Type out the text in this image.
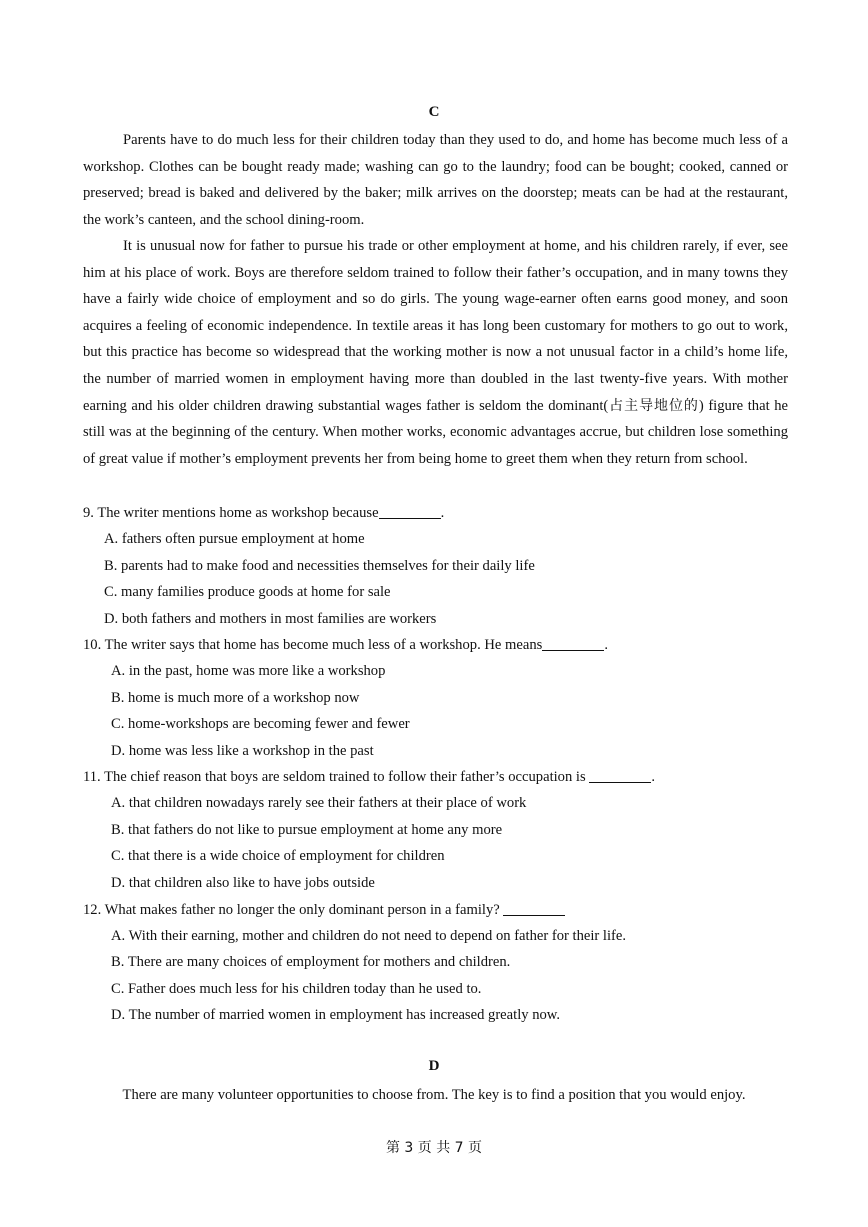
C

Parents have to do much less for their children today than they used to do, and home has become much less of a workshop. Clothes can be bought ready made; washing can go to the laundry; food can be bought; cooked, canned or preserved; bread is baked and delivered by the baker; milk arrives on the doorstep; meats can be had at the restaurant, the work’s canteen, and the school dining-room.

It is unusual now for father to pursue his trade or other employment at home, and his children rarely, if ever, see him at his place of work. Boys are therefore seldom trained to follow their father’s occupation, and in many towns they have a fairly wide choice of employment and so do girls. The young wage-earner often earns good money, and soon acquires a feeling of economic independence. In textile areas it has long been customary for mothers to go out to work, but this practice has become so widespread that the working mother is now a not unusual factor in a child’s home life, the number of married women in employment having more than doubled in the last twenty-five years. With mother earning and his older children drawing substantial wages father is seldom the dominant(占主导地位的) figure that he still was at the beginning of the century. When mother works, economic advantages accrue, but children lose something of great value if mother’s employment prevents her from being home to greet them when they return from school.

9. The writer mentions home as workshop because	.
A. fathers often pursue employment at home
B. parents had to make food and necessities themselves for their daily life
C. many families produce goods at home for sale
D. both fathers and mothers in most families are workers
10. The writer says that home has become much less of a workshop. He means	.
A. in the past, home was more like a workshop
B. home is much more of a workshop now
C. home-workshops are becoming fewer and fewer
D. home was less like a workshop in the past
11. The chief reason that boys are seldom trained to follow their father’s occupation is	.
A. that children nowadays rarely see their fathers at their place of work
B. that fathers do not like to pursue employment at home any more
C. that there is a wide choice of employment for children
D. that children also like to have jobs outside
12. What makes father no longer the only dominant person in a family?
A. With their earning, mother and children do not need to depend on father for their life.
B. There are many choices of employment for mothers and children.
C. Father does much less for his children today than he used to.
D. The number of married women in employment has increased greatly now.
D
There are many volunteer opportunities to choose from. The key is to find a position that you would enjoy.
第 3 页 共 7 页
